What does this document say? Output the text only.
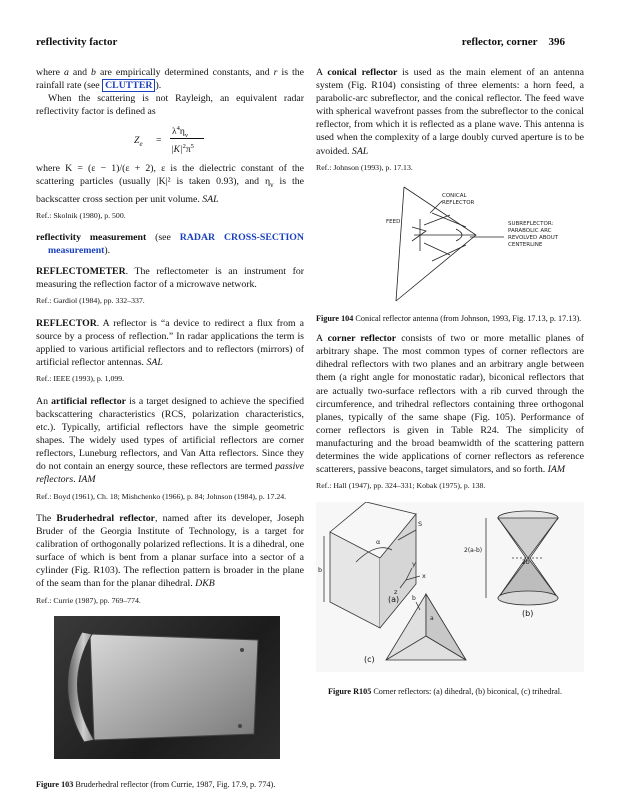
reflectivity factor	reflector, corner 396

where a and b are empirically determined constants, and r is the rainfall rate (see CLUTTER ).

When the scattering is not Rayleigh, an equivalent radar reflectivity factor is defined as

$Z_e$ =
$\lambda^4\eta_v$
$|K|^2\pi^5$

where K = (ε − 1)/(ε + 2), ε is the dielectric constant of the scattering particles (usually |K|² is taken 0.93), and $\eta_v$ is the backscatter cross section per unit volume. SAL

Ref.: Skolnik (1980), p. 500.

reflectivity measurement (see RADAR CROSS-SECTION measurement).

REFLECTOMETER. The reflectometer is an instrument for measuring the reflection factor of a microwave network.

Ref.: Gardiol (1984), pp. 332–337.

REFLECTOR. A reflector is “a device to redirect a flux from a source by a process of reflection.” In radar applications the term is applied to various artificial reflectors and to reflectors (mirrors) of artificial reflector antennas. SAL

Ref.: IEEE (1993), p. 1,099.

An artificial reflector is a target designed to achieve the specified backscattering characteristics (RCS, polarization characteristics, etc.). Typically, artificial reflectors have the simple geometric shapes. The widely used types of artificial reflectors are corner reflectors, Luneburg reflectors, and Van Atta reflectors. Since they do not contain an energy source, these reflectors are termed passive reflectors. IAM

Ref.: Boyd (1961), Ch. 18; Mishchenko (1966), p. 84; Johnson (1984), p. 17.24.

The Bruderhedral reflector, named after its developer, Joseph Bruder of the Georgia Institute of Technology, is a target for calibration of orthogonally polarized reflections. It is a dihedral, one surface of which is bent from a planar surface into a sector of a cylinder (Fig. R103). The reflection pattern is broader in the plane of the seam than for the planar dihedral. DKB

Ref.: Currie (1987), pp. 769–774.

Figure 103 Bruderhedral reflector (from Currie, 1987, Fig. 17.9, p. 774).

A conical reflector is used as the main element of an antenna system (Fig. R104) consisting of three elements: a horn feed, a parabolic-arc subreflector, and the conical reflector. The feed wave with spherical wavefront passes from the subreflector to the conical reflector, from which it is reflected as a plane wave. This antenna is used when the complexity of a large doubly curved aperture is to be avoided. SAL

Ref.: Johnson (1993), p. 17.13.

CONICAL
REFLECTOR
FEED	SUBREFLECTOR:
PARABOLIC ARC
REVOLVED ABOUT
CENTERLINE

Figure 104 Conical reflector antenna (from Johnson, 1993, Fig. 17.13, p. 17.13).

A corner reflector consists of two or more metallic planes of arbitrary shape. The most common types of corner reflectors are dihedral reflectors with two planes and an arbitrary angle between them (a right angle for monostatic radar), biconical reflectors that are actually two-surface reflectors with a rib curved through the circumference, and trihedral reflectors containing three orthogonal planes, typically of the same shape (Fig. 105). Performance of corner reflectors is given in Table R24. The simplicity of manufacturing and the broad beamwidth of the scattering pattern determines the wide applications of corner reflectors as reference scatterers, passive beacons, target simulators, and so forth. IAM

Ref.: Hall (1947), pp. 324–331; Kobak (1975), p. 138.

α
S
b
x
y
z
(a)
2(a-b)
2b
(b)
b
a
(c)

Figure R105 Corner reflectors: (a) dihedral, (b) biconical, (c) trihedral.
